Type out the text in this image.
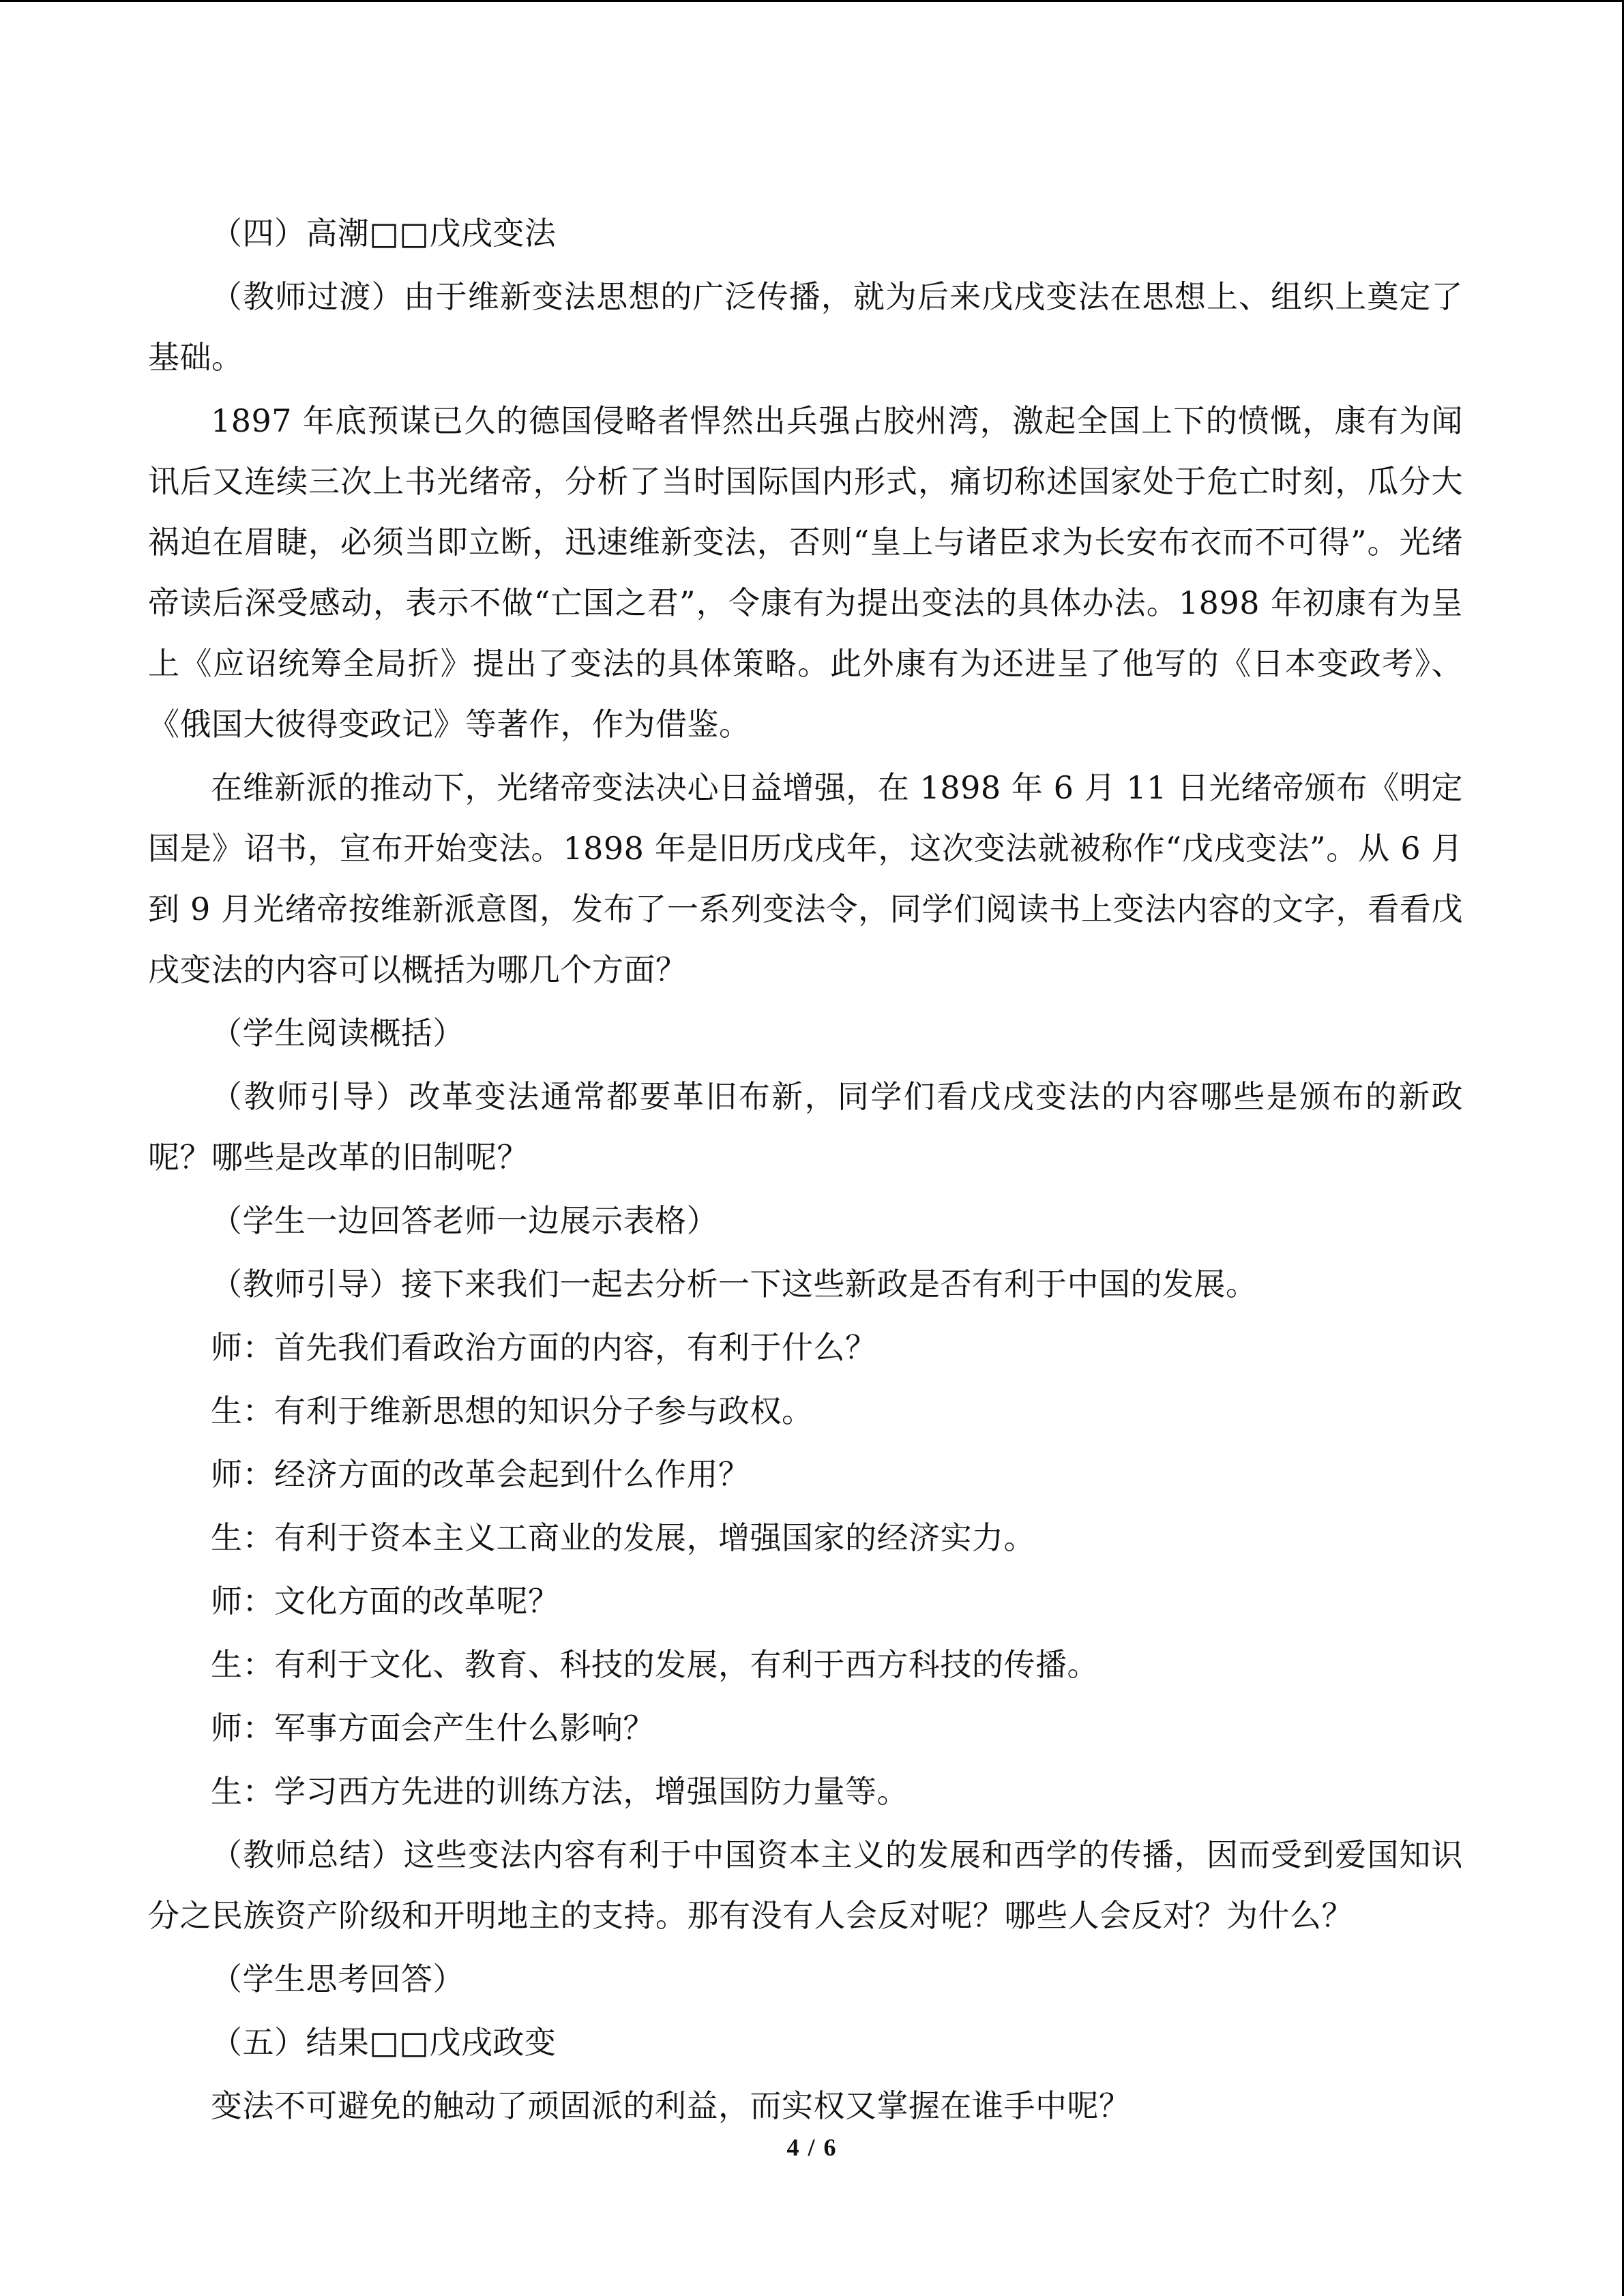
（四）高潮□□戊戌变法

（教师过渡）由于维新变法思想的广泛传播，就为后来戊戌变法在思想上、组织上奠定了基础。

1897 年底预谋已久的德国侵略者悍然出兵强占胶州湾，激起全国上下的愤慨，康有为闻讯后又连续三次上书光绪帝，分析了当时国际国内形式，痛切称述国家处于危亡时刻，瓜分大祸迫在眉睫，必须当即立断，迅速维新变法，否则“皇上与诸臣求为长安布衣而不可得”。光绪帝读后深受感动，表示不做“亡国之君”，令康有为提出变法的具体办法。1898 年初康有为呈上《应诏统筹全局折》提出了变法的具体策略。此外康有为还进呈了他写的《日本变政考》、《俄国大彼得变政记》等著作，作为借鉴。

在维新派的推动下，光绪帝变法决心日益增强，在 1898 年 6 月 11 日光绪帝颁布《明定国是》诏书，宣布开始变法。1898 年是旧历戊戌年，这次变法就被称作“戊戌变法”。从 6 月到 9 月光绪帝按维新派意图，发布了一系列变法令，同学们阅读书上变法内容的文字，看看戊戌变法的内容可以概括为哪几个方面？

（学生阅读概括）

（教师引导）改革变法通常都要革旧布新，同学们看戊戌变法的内容哪些是颁布的新政呢？哪些是改革的旧制呢？

（学生一边回答老师一边展示表格）

（教师引导）接下来我们一起去分析一下这些新政是否有利于中国的发展。

师：首先我们看政治方面的内容，有利于什么？

生：有利于维新思想的知识分子参与政权。

师：经济方面的改革会起到什么作用？

生：有利于资本主义工商业的发展，增强国家的经济实力。

师：文化方面的改革呢？

生：有利于文化、教育、科技的发展，有利于西方科技的传播。

师：军事方面会产生什么影响？

生：学习西方先进的训练方法，增强国防力量等。

（教师总结）这些变法内容有利于中国资本主义的发展和西学的传播，因而受到爱国知识分之民族资产阶级和开明地主的支持。那有没有人会反对呢？哪些人会反对？为什么？

（学生思考回答）

（五）结果□□戊戌政变

变法不可避免的触动了顽固派的利益，而实权又掌握在谁手中呢？

4 / 6
